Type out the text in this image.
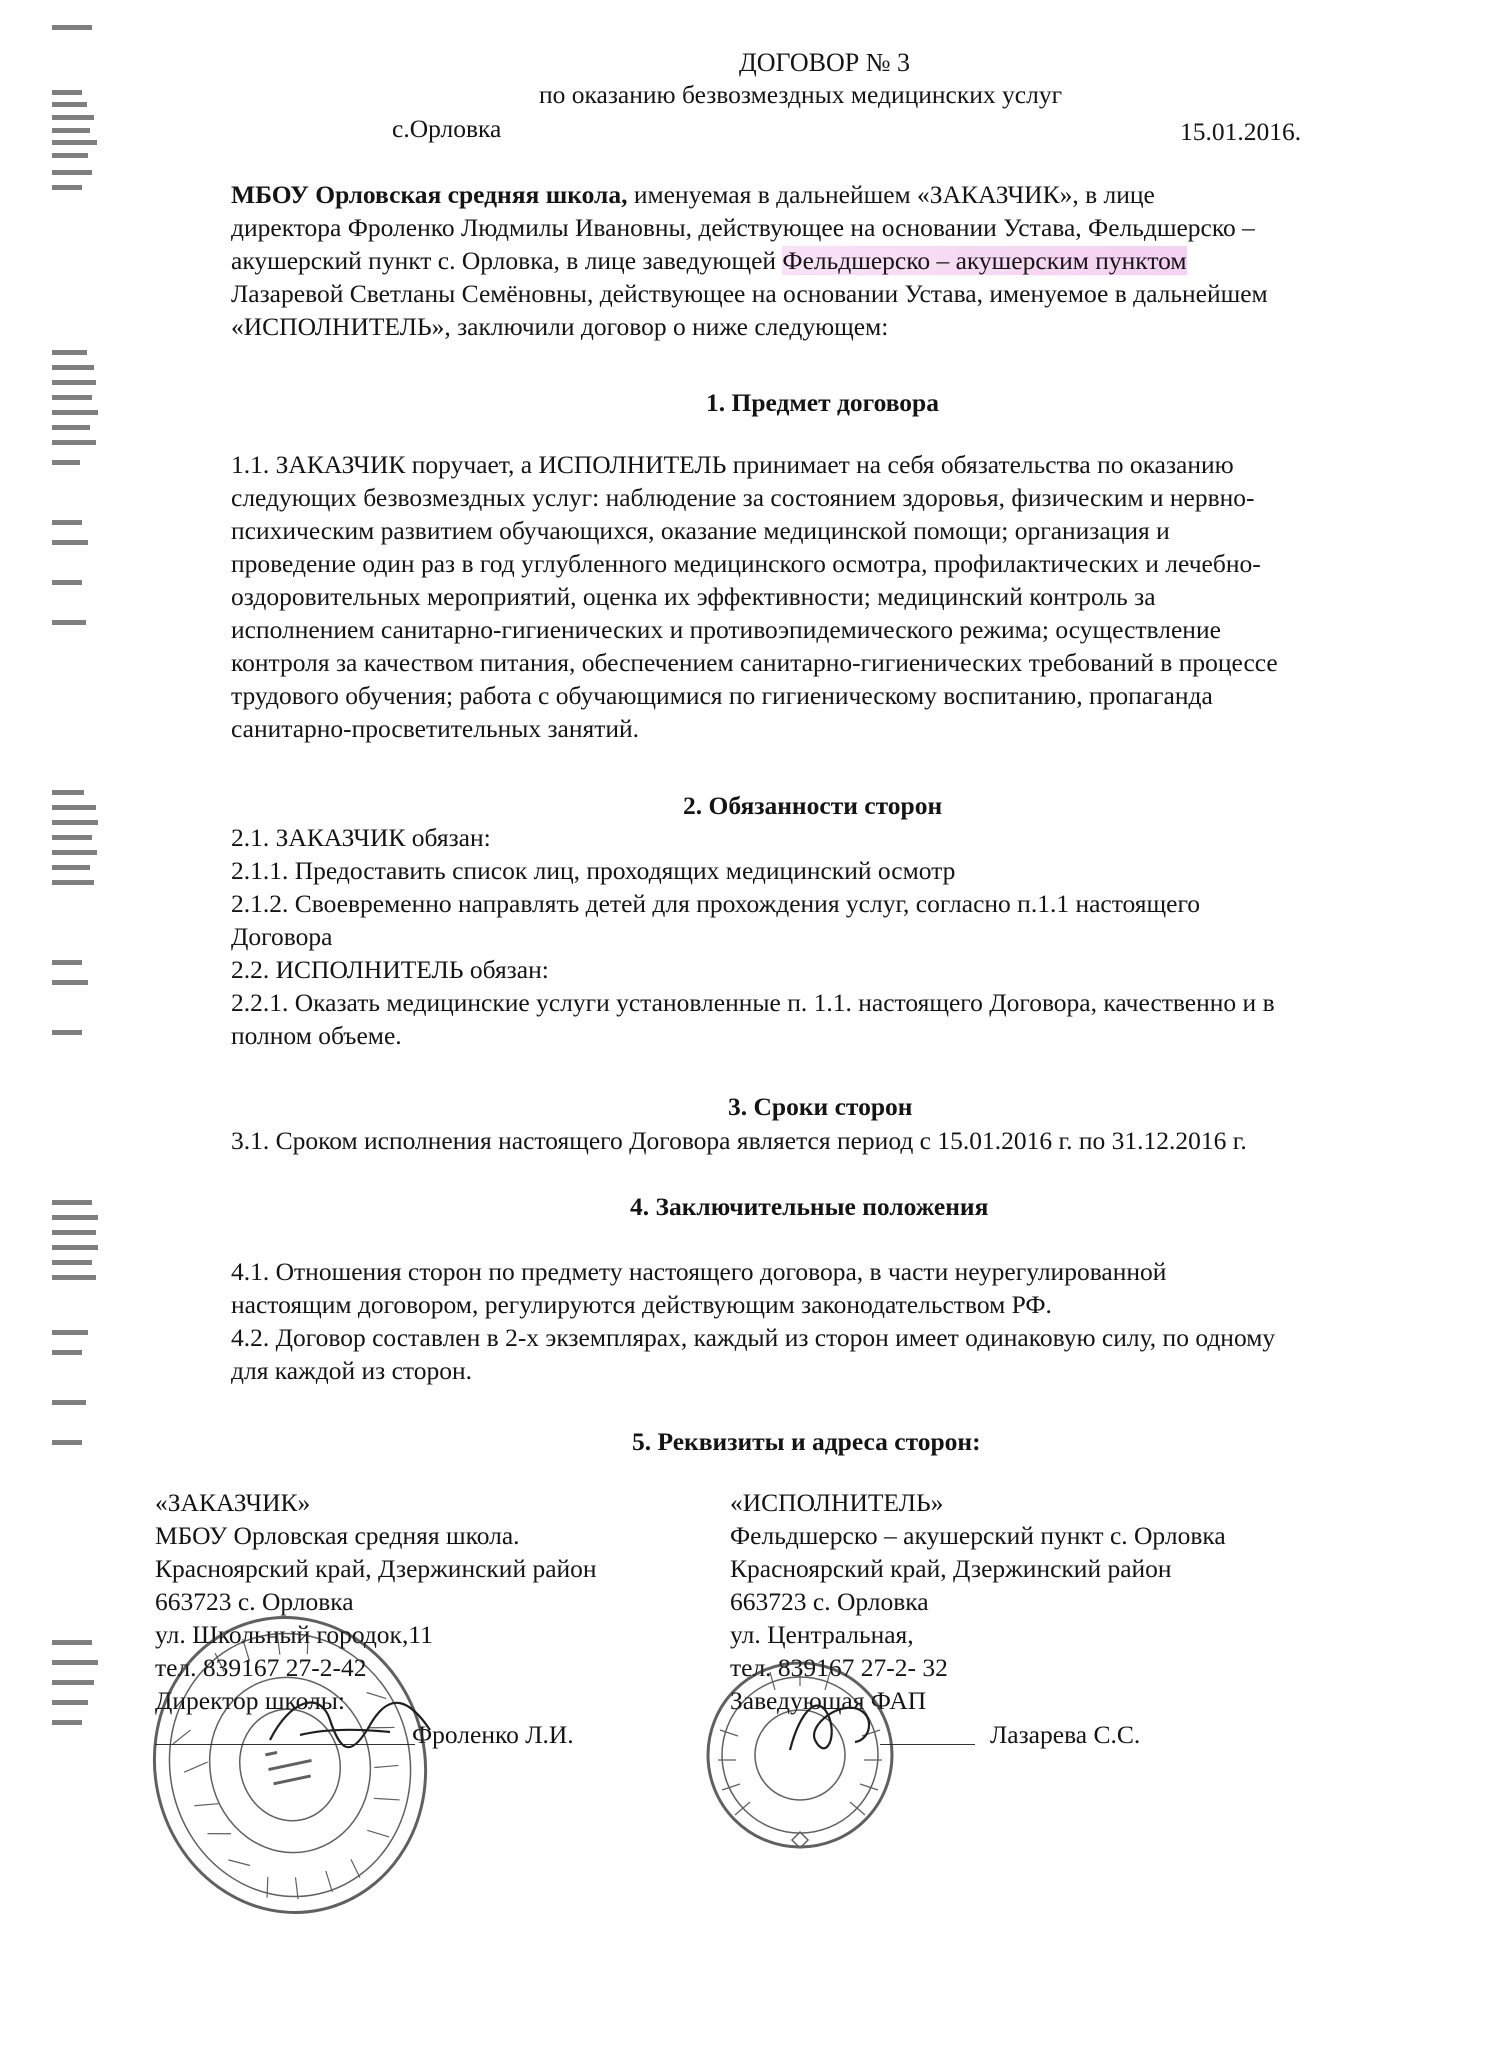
ДОГОВОР № 3
по оказанию безвозмездных медицинских услуг
с.Орловка	15.01.2016.
МБОУ Орловская средняя школа, именуемая в дальнейшем «ЗАКАЗЧИК», в лице
директора Фроленко Людмилы Ивановны, действующее на основании Устава, Фельдшерско –
акушерский пункт с. Орловка, в лице заведующей Фельдшерско – акушерским пунктом
Лазаревой Светланы Семёновны, действующее на основании Устава, именуемое в дальнейшем
«ИСПОЛНИТЕЛЬ», заключили договор о ниже следующем:
1. Предмет договора
1.1. ЗАКАЗЧИК поручает, а ИСПОЛНИТЕЛЬ принимает на себя обязательства по оказанию
следующих безвозмездных услуг: наблюдение за состоянием здоровья, физическим и нервно-
психическим развитием обучающихся, оказание медицинской помощи; организация и
проведение один раз в год углубленного медицинского осмотра, профилактических и лечебно-
оздоровительных мероприятий, оценка их эффективности; медицинский контроль за
исполнением санитарно-гигиенических и противоэпидемического режима; осуществление
контроля за качеством питания, обеспечением санитарно-гигиенических требований в процессе
трудового обучения; работа с обучающимися по гигиеническому воспитанию, пропаганда
санитарно-просветительных занятий.
2. Обязанности сторон
2.1. ЗАКАЗЧИК обязан:
2.1.1. Предоставить список лиц, проходящих медицинский осмотр
2.1.2. Своевременно направлять детей для прохождения услуг, согласно п.1.1 настоящего
Договора
2.2. ИСПОЛНИТЕЛЬ обязан:
2.2.1. Оказать медицинские услуги установленные п. 1.1. настоящего Договора, качественно и в
полном объеме.
3. Сроки сторон
3.1. Сроком исполнения настоящего Договора является период с 15.01.2016 г. по 31.12.2016 г.
4. Заключительные положения
4.1. Отношения сторон по предмету настоящего договора, в части неурегулированной
настоящим договором, регулируются действующим законодательством РФ.
4.2. Договор составлен в 2-х экземплярах, каждый из сторон имеет одинаковую силу, по одному
для каждой из сторон.
5. Реквизиты и адреса сторон:
«ЗАКАЗЧИК»
МБОУ Орловская средняя школа.
Красноярский край, Дзержинский район
663723 с. Орловка
ул. Школьный городок,11
тел. 839167 27-2-42
Директор школы:
Фроленко Л.И.
«ИСПОЛНИТЕЛЬ»
Фельдшерско – акушерский пункт с. Орловка
Красноярский край, Дзержинский район
663723 с. Орловка
ул. Центральная,
тел. 839167 27-2- 32
Заведующая ФАП
Лазарева С.С.
